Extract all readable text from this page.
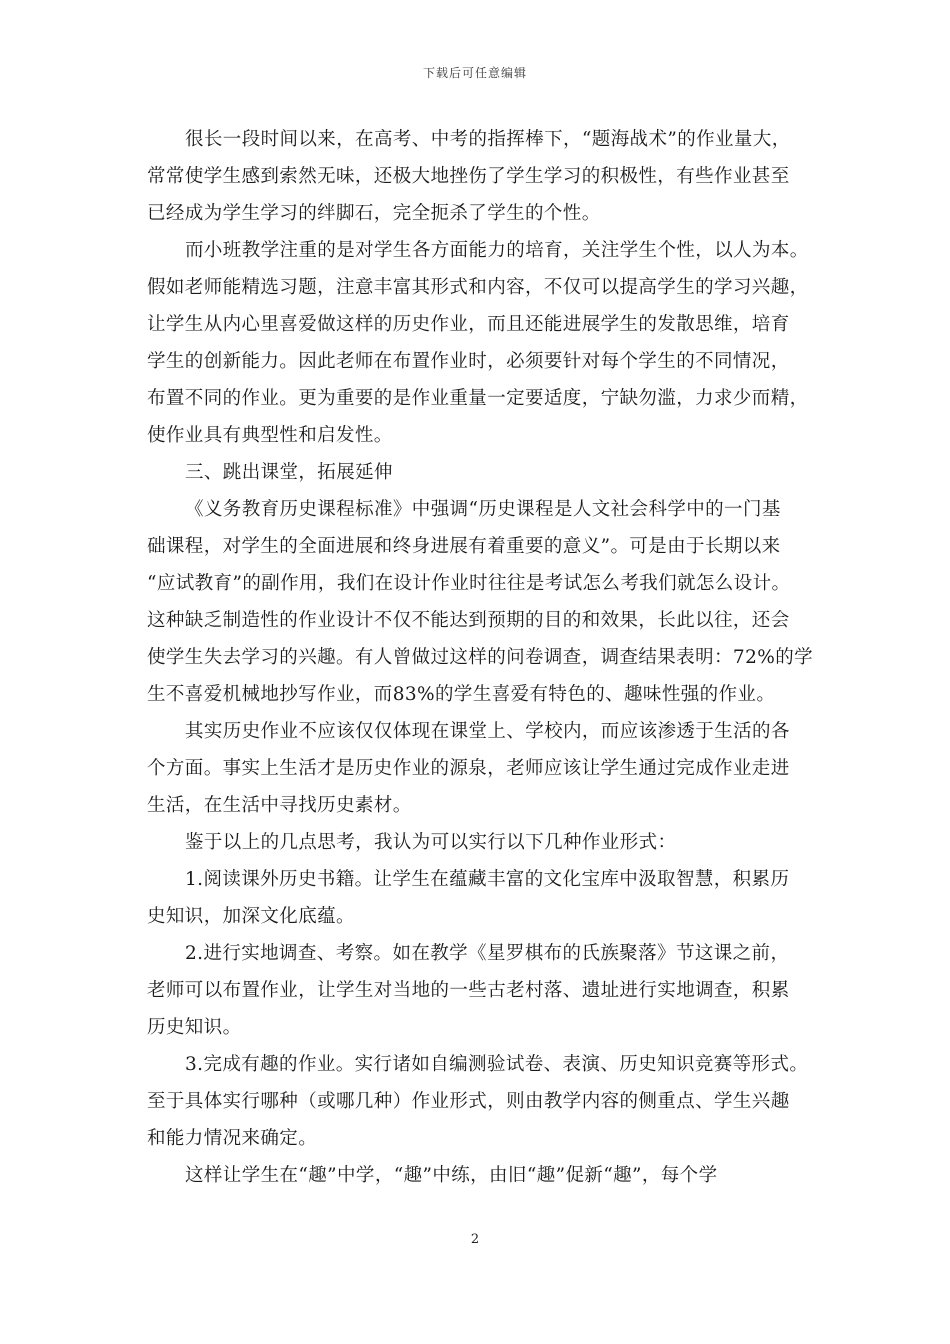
下载后可任意编辑
很长一段时间以来，在高考、中考的指挥棒下，“题海战术”的作业量大，
常常使学生感到索然无味，还极大地挫伤了学生学习的积极性，有些作业甚至
已经成为学生学习的绊脚石，完全扼杀了学生的个性。
而小班教学注重的是对学生各方面能力的培育，关注学生个性，以人为本。
假如老师能精选习题，注意丰富其形式和内容，不仅可以提高学生的学习兴趣，
让学生从内心里喜爱做这样的历史作业，而且还能进展学生的发散思维，培育
学生的创新能力。因此老师在布置作业时，必须要针对每个学生的不同情况，
布置不同的作业。更为重要的是作业重量一定要适度，宁缺勿滥，力求少而精，
使作业具有典型性和启发性。
三、跳出课堂，拓展延伸
《义务教育历史课程标准》中强调“历史课程是人文社会科学中的一门基
础课程，对学生的全面进展和终身进展有着重要的意义”。可是由于长期以来
“应试教育”的副作用，我们在设计作业时往往是考试怎么考我们就怎么设计。
这种缺乏制造性的作业设计不仅不能达到预期的目的和效果，长此以往，还会
使学生失去学习的兴趣。有人曾做过这样的问卷调查，调查结果表明：72%的学
生不喜爱机械地抄写作业，而83%的学生喜爱有特色的、趣味性强的作业。
其实历史作业不应该仅仅体现在课堂上、学校内，而应该渗透于生活的各
个方面。事实上生活才是历史作业的源泉，老师应该让学生通过完成作业走进
生活，在生活中寻找历史素材。
鉴于以上的几点思考，我认为可以实行以下几种作业形式：
1.阅读课外历史书籍。让学生在蕴藏丰富的文化宝库中汲取智慧，积累历
史知识，加深文化底蕴。
2.进行实地调查、考察。如在教学《星罗棋布的氏族聚落》节这课之前，
老师可以布置作业，让学生对当地的一些古老村落、遗址进行实地调查，积累
历史知识。
3.完成有趣的作业。实行诸如自编测验试卷、表演、历史知识竞赛等形式。
至于具体实行哪种（或哪几种）作业形式，则由教学内容的侧重点、学生兴趣
和能力情况来确定。
这样让学生在“趣”中学，“趣”中练，由旧“趣”促新“趣”，每个学
2
